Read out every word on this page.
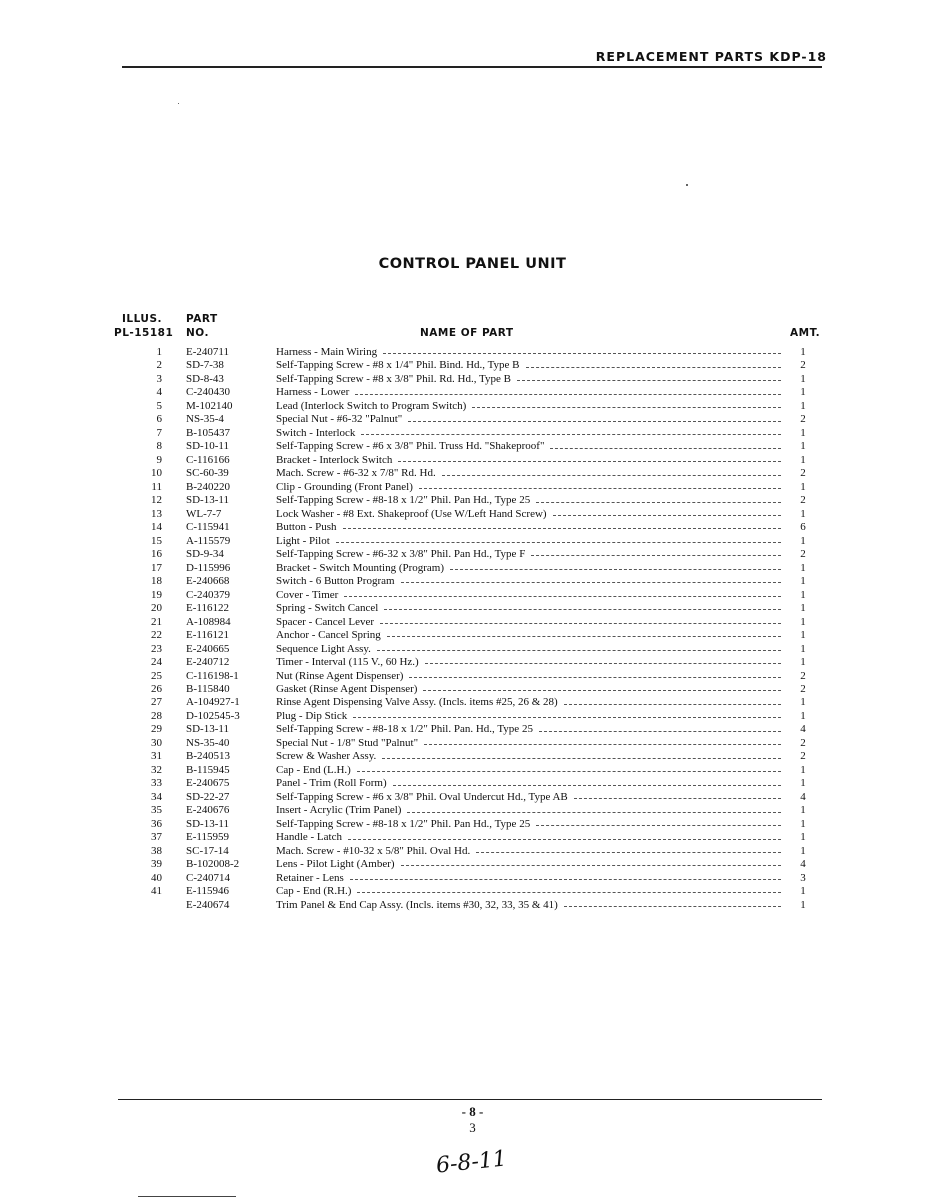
REPLACEMENT PARTS KDP-18
CONTROL PANEL UNIT
ILLUS.
PL-15181
PART
NO.	NAME OF PART	AMT.
1 E-240711	Harness - Main Wiring	1
2 SD-7-38	Self-Tapping Screw - #8 x 1/4" Phil. Bind. Hd., Type B	2
3 SD-8-43	Self-Tapping Screw - #8 x 3/8" Phil. Rd. Hd., Type B	1
4 C-240430	Harness - Lower	1
5 M-102140	Lead (Interlock Switch to Program Switch)	1
6 NS-35-4	Special Nut - #6-32 "Palnut"	2
7 B-105437	Switch - Interlock	1
8 SD-10-11	Self-Tapping Screw - #6 x 3/8" Phil. Truss Hd. "Shakeproof"	1
9 C-116166	Bracket - Interlock Switch	1
10 SC-60-39	Mach. Screw - #6-32 x 7/8" Rd. Hd.	2
11 B-240220	Clip - Grounding (Front Panel)	1
12 SD-13-11	Self-Tapping Screw - #8-18 x 1/2" Phil. Pan Hd., Type 25	2
13 WL-7-7	Lock Washer - #8 Ext. Shakeproof (Use W/Left Hand Screw)	1
14 C-115941	Button - Push	6
15 A-115579	Light - Pilot	1
16 SD-9-34	Self-Tapping Screw - #6-32 x 3/8" Phil. Pan Hd., Type F	2
17 D-115996	Bracket - Switch Mounting (Program)	1
18 E-240668	Switch - 6 Button Program	1
19 C-240379	Cover - Timer	1
20 E-116122	Spring - Switch Cancel	1
21 A-108984	Spacer - Cancel Lever	1
22 E-116121	Anchor - Cancel Spring	1
23 E-240665	Sequence Light Assy.	1
24 E-240712	Timer - Interval (115 V., 60 Hz.)	1
25 C-116198-1	Nut (Rinse Agent Dispenser)	2
26 B-115840	Gasket (Rinse Agent Dispenser)	2
27 A-104927-1	Rinse Agent Dispensing Valve Assy. (Incls. items #25, 26 & 28)	1
28 D-102545-3	Plug - Dip Stick	1
29 SD-13-11	Self-Tapping Screw - #8-18 x 1/2" Phil. Pan. Hd., Type 25	4
30 NS-35-40	Special Nut - 1/8" Stud "Palnut"	2
31 B-240513	Screw & Washer Assy.	2
32 B-115945	Cap - End (L.H.)	1
33 E-240675	Panel - Trim (Roll Form)	1
34 SD-22-27	Self-Tapping Screw - #6 x 3/8" Phil. Oval Undercut Hd., Type AB	4
35 E-240676	Insert - Acrylic (Trim Panel)	1
36 SD-13-11	Self-Tapping Screw - #8-18 x 1/2" Phil. Pan Hd., Type 25	1
37 E-115959	Handle - Latch	1
38 SC-17-14	Mach. Screw - #10-32 x 5/8" Phil. Oval Hd.	1
39 B-102008-2	Lens - Pilot Light (Amber)	4
40 C-240714	Retainer - Lens	3
41 E-115946	Cap - End (R.H.)	1
E-240674	Trim Panel & End Cap Assy. (Incls. items #30, 32, 33, 35 & 41)	1
- 8 -
3
6-8-11
